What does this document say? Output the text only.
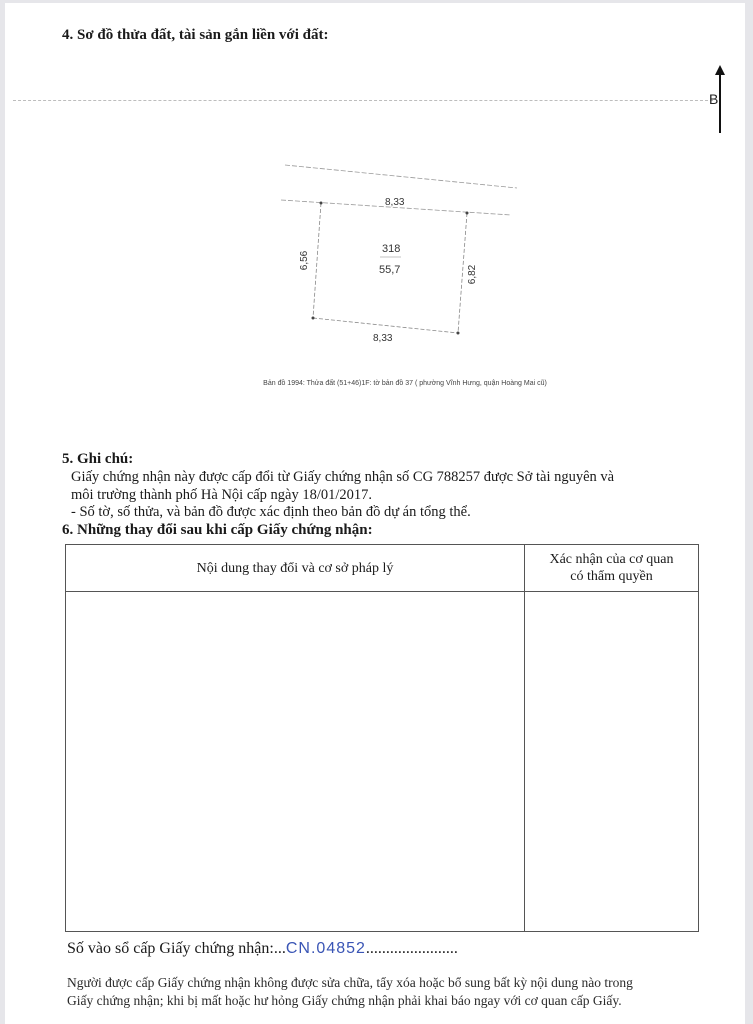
4. Sơ đồ thửa đất, tài sản gắn liền với đất:
B
8,33
8,33
6,56
6,82
318
55,7
Bản đồ 1994: Thửa đất (51+46)1F: tờ bản đồ 37 ( phường Vĩnh Hưng, quận Hoàng Mai cũ)
5. Ghi chú:
Giấy chứng nhận này được cấp đổi từ Giấy chứng nhận số CG 788257 được Sở tài nguyên và
môi trường thành phố Hà Nội cấp ngày 18/01/2017.
- Số tờ, số thửa, và bản đồ được xác định theo bản đồ dự án tổng thể.
6. Những thay đổi sau khi cấp Giấy chứng nhận:
Nội dung thay đổi và cơ sở pháp lý	Xác nhận của cơ quan
có thẩm quyền

Số vào sổ cấp Giấy chứng nhận:...CN.04852.......................
Người được cấp Giấy chứng nhận không được sửa chữa, tẩy xóa hoặc bổ sung bất kỳ nội dung nào trong
Giấy chứng nhận; khi bị mất hoặc hư hỏng Giấy chứng nhận phải khai báo ngay với cơ quan cấp Giấy.
